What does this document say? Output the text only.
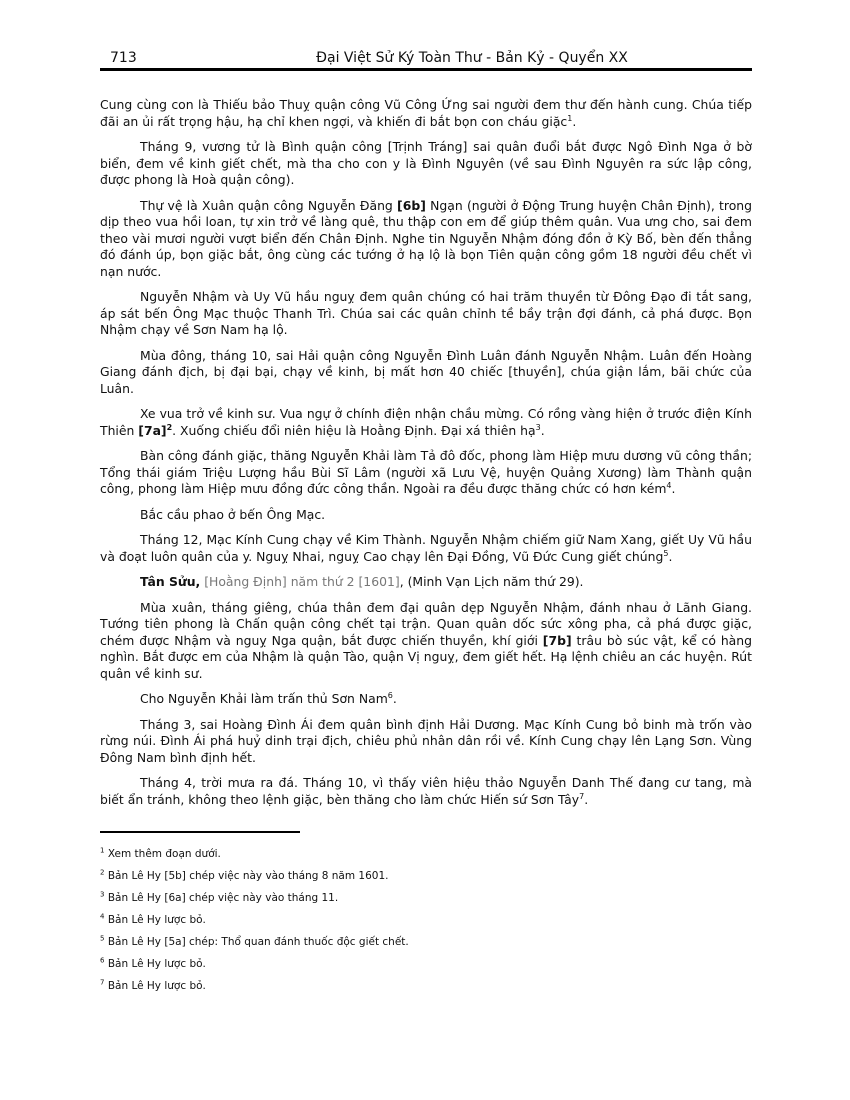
713	Đại Việt Sử Ký Toàn Thư - Bản Kỷ - Quyển XX

Cung cùng con là Thiếu bảo Thuỵ quận công Vũ Công Ứng sai người đem thư đến hành cung. Chúa tiếp đãi an ủi rất trọng hậu, hạ chỉ khen ngợi, và khiến đi bắt bọn con cháu giặc$^1$.

Tháng 9, vương tử là Bình quận công [Trịnh Tráng] sai quân đuổi bắt được Ngô Đình Nga ở bờ biển, đem về kinh giết chết, mà tha cho con y là Đình Nguyên (về sau Đình Nguyên ra sức lập công, được phong là Hoà quận công).

Thự vệ là Xuân quận công Nguyễn Đăng [6b] Ngạn (người ở Động Trung huyện Chân Định), trong dịp theo vua hồi loan, tự xin trở về làng quê, thu thập con em để giúp thêm quân. Vua ưng cho, sai đem theo vài mươi người vượt biển đến Chân Định. Nghe tin Nguyễn Nhậm đóng đồn ở Kỳ Bố, bèn đến thẳng đó đánh úp, bọn giặc bắt, ông cùng các tướng ở hạ lộ là bọn Tiên quận công gồm 18 người đều chết vì nạn nước.

Nguyễn Nhậm và Uy Vũ hầu nguỵ đem quân chúng có hai trăm thuyền từ Đông Đạo đi tắt sang, áp sát bến Ông Mạc thuộc Thanh Trì. Chúa sai các quân chỉnh tề bầy trận đợi đánh, cả phá được. Bọn Nhậm chạy về Sơn Nam hạ lộ.

Mùa đông, tháng 10, sai Hải quận công Nguyễn Đình Luân đánh Nguyễn Nhậm. Luân đến Hoàng Giang đánh địch, bị đại bại, chạy về kinh, bị mất hơn 40 chiếc [thuyền], chúa giận lắm, bãi chức của Luân.

Xe vua trở về kinh sư. Vua ngự ở chính điện nhận chầu mừng. Có rồng vàng hiện ở trước điện Kính Thiên $[7a]^2$. Xuống chiếu đổi niên hiệu là Hoằng Định. Đại xá thiên hạ$^3$.

Bàn công đánh giặc, thăng Nguyễn Khải làm Tả đô đốc, phong làm Hiệp mưu dương vũ công thần; Tổng thái giám Triệu Lượng hầu Bùi Sĩ Lâm (người xã Lưu Vệ, huyện Quảng Xương) làm Thành quận công, phong làm Hiệp mưu đồng đức công thần. Ngoài ra đều được thăng chức có hơn kém$^4$.

Bắc cầu phao ở bến Ông Mạc.

Tháng 12, Mạc Kính Cung chạy về Kim Thành. Nguyễn Nhậm chiếm giữ Nam Xang, giết Uy Vũ hầu và đoạt luôn quân của y. Nguỵ Nhai, nguỵ Cao chạy lên Đại Đồng, Vũ Đức Cung giết chúng$^5$.

Tân Sửu, [Hoằng Định] năm thứ 2 [1601], (Minh Vạn Lịch năm thứ 29).

Mùa xuân, tháng giêng, chúa thân đem đại quân dẹp Nguyễn Nhậm, đánh nhau ở Lãnh Giang. Tướng tiên phong là Chấn quận công chết tại trận. Quan quân dốc sức xông pha, cả phá được giặc, chém được Nhậm và nguỵ Nga quận, bắt được chiến thuyền, khí giới [7b] trâu bò súc vật, kể có hàng nghìn. Bắt được em của Nhậm là quận Tào, quận Vị nguỵ, đem giết hết. Hạ lệnh chiêu an các huyện. Rút quân về kinh sư.

Cho Nguyễn Khải làm trấn thủ Sơn Nam$^6$.

Tháng 3, sai Hoàng Đình Ái đem quân bình định Hải Dương. Mạc Kính Cung bỏ binh mà trốn vào rừng núi. Đình Ái phá huỷ dinh trại địch, chiêu phủ nhân dân rồi về. Kính Cung chạy lên Lạng Sơn. Vùng Đông Nam bình định hết.

Tháng 4, trời mưa ra đá. Tháng 10, vì thấy viên hiệu thảo Nguyễn Danh Thế đang cư tang, mà biết ẩn tránh, không theo lệnh giặc, bèn thăng cho làm chức Hiến sứ Sơn Tây$^7$.

$^1$ Xem thêm đoạn dưới.
$^2$ Bản Lê Hy [5b] chép việc này vào tháng 8 năm 1601.
$^3$ Bản Lê Hy [6a] chép việc này vào tháng 11.
$^4$ Bản Lê Hy lược bỏ.
$^5$ Bản Lê Hy [5a] chép: Thổ quan đánh thuốc độc giết chết.
$^6$ Bản Lê Hy lược bỏ.
$^7$ Bản Lê Hy lược bỏ.
